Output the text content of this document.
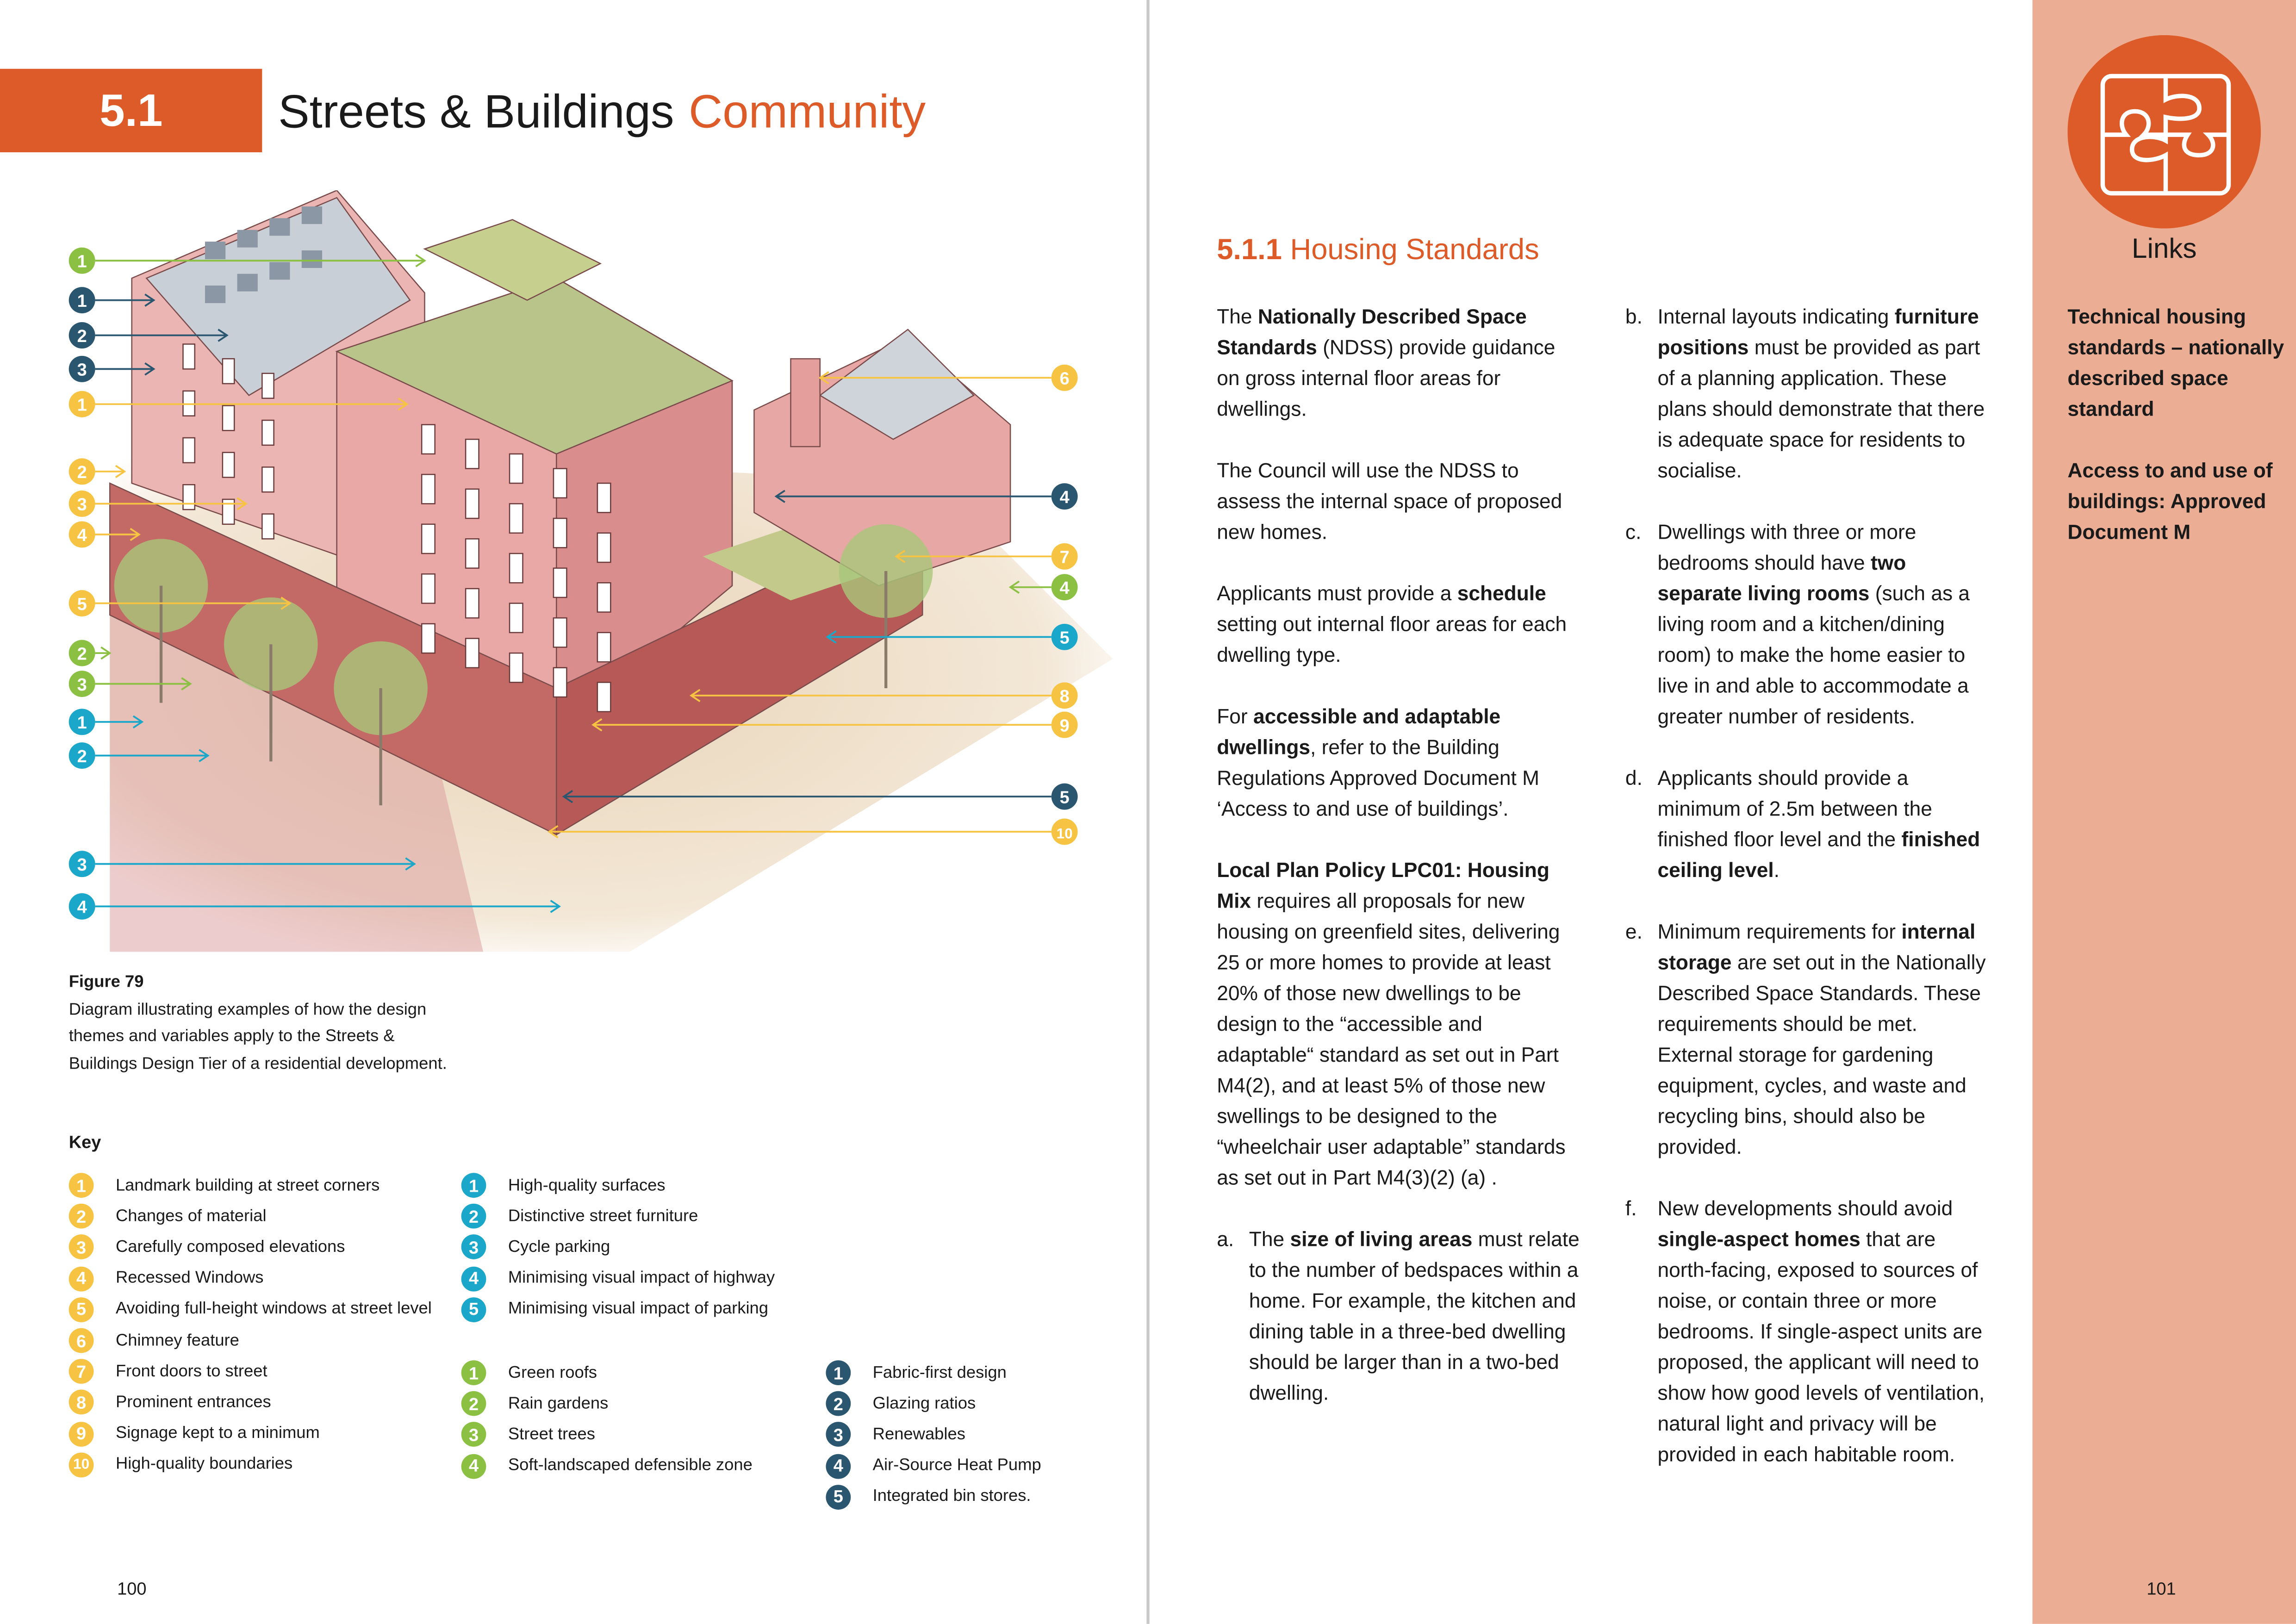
5.1	Streets & Buildings Community
1
1
2
3
1
2
3
4
5
2
3
1
2
3
4
6
4
7
4
5
8
9
5
10
Figure 79
Diagram illustrating examples of how the design themes and variables apply to the Streets & Buildings Design Tier of a residential development.
Key
1	Landmark building at street corners
2	Changes of material
3	Carefully composed elevations
4	Recessed Windows
5	Avoiding full-height windows at street level
6	Chimney feature
7	Front doors to street
8	Prominent entrances
9	Signage kept to a minimum
10	High-quality boundaries
1	High-quality surfaces
2	Distinctive street furniture
3	Cycle parking
4	Minimising visual impact of highway
5	Minimising visual impact of parking
1	Green roofs
2	Rain gardens
3	Street trees
4	Soft-landscaped defensible zone
1	Fabric-first design
2	Glazing ratios
3	Renewables
4	Air-Source Heat Pump
5	Integrated bin stores.
100
5.1.1 Housing Standards

The Nationally Described Space Standards (NDSS) provide guidance on gross internal floor areas for dwellings.

The Council will use the NDSS to assess the internal space of proposed new homes.

Applicants must provide a schedule setting out internal floor areas for each dwelling type.

For accessible and adaptable dwellings, refer to the Building Regulations Approved Document M ‘Access to and use of buildings’.

Local Plan Policy LPC01: Housing Mix requires all proposals for new housing on greenfield sites, delivering 25 or more homes to provide at least 20% of those new dwellings to be design to the “accessible and adaptable“ standard as set out in Part M4(2), and at least 5% of those new swellings to be designed to the “wheelchair user adaptable” standards as set out in Part M4(3)(2) (a) .

a. The size of living areas must relate to the number of bedspaces within a home. For example, the kitchen and dining table in a three-bed dwelling should be larger than in a two-bed dwelling.
b. Internal layouts indicating furniture positions must be provided as part of a planning application. These plans should demonstrate that there is adequate space for residents to socialise.
c.	Dwellings with three or more bedrooms should have two separate living rooms (such as a living room and a kitchen/dining room) to make the home easier to live in and able to accommodate a greater number of residents.
d. Applicants should provide a minimum of 2.5m between the finished floor level and the finished ceiling level.
e. Minimum requirements for internal storage are set out in the Nationally Described Space Standards. These requirements should be met. External storage for gardening equipment, cycles, and waste and recycling bins, should also be provided.
f.	New developments should avoid single-aspect homes that are north-facing, exposed to sources of noise, or contain three or more bedrooms. If single-aspect units are proposed, the applicant will need to show how good levels of ventilation, natural light and privacy will be provided in each habitable room.
Links

Technical housing standards – nationally described space standard

Access to and use of buildings: Approved Document M

101
